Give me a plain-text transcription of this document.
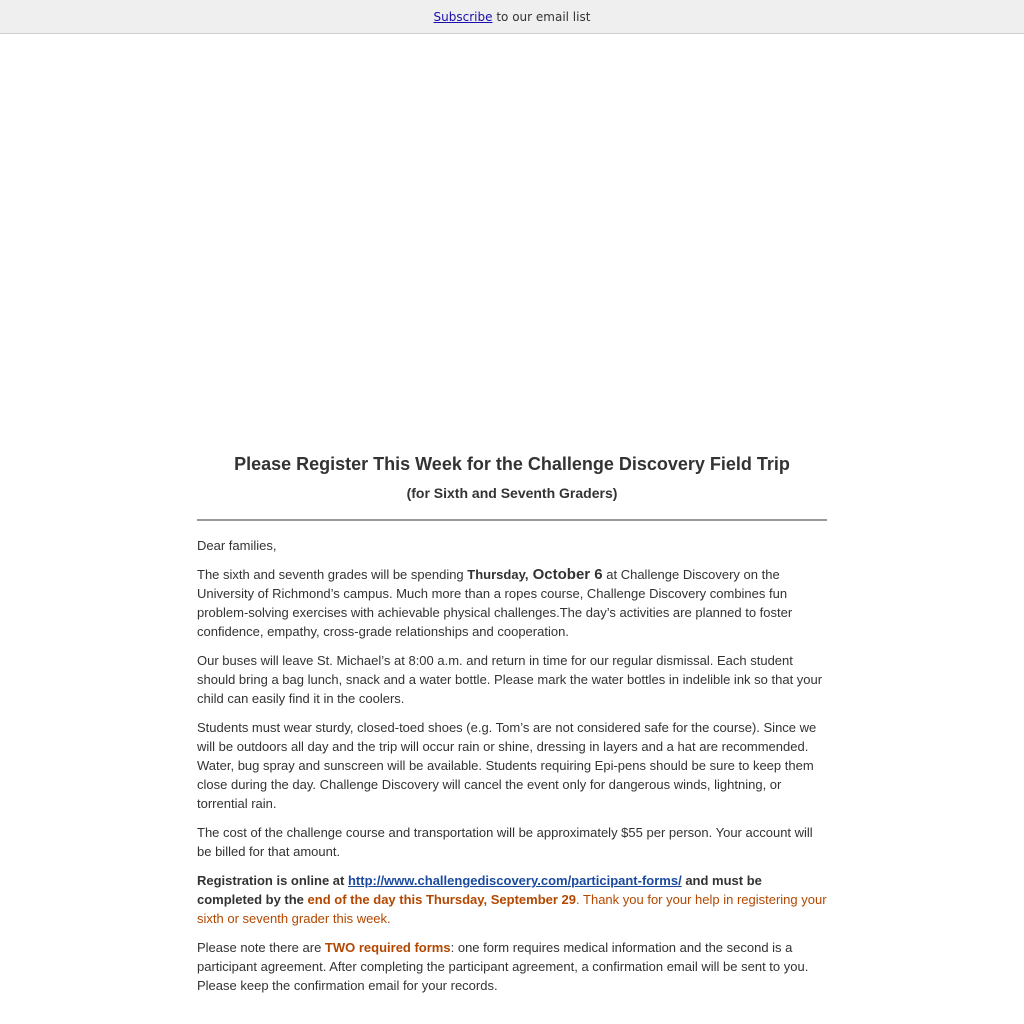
Subscribe to our email list
Please Register This Week for the Challenge Discovery Field Trip
(for Sixth and Seventh Graders)

Dear families,

The sixth and seventh grades will be spending Thursday, October 6 at Challenge Discovery on the University of Richmond’s campus. Much more than a ropes course, Challenge Discovery combines fun problem-solving exercises with achievable physical challenges.The day’s activities are planned to foster confidence, empathy, cross-grade relationships and cooperation.

Our buses will leave St. Michael’s at 8:00 a.m. and return in time for our regular dismissal. Each student should bring a bag lunch, snack and a water bottle. Please mark the water bottles in indelible ink so that your child can easily find it in the coolers.

Students must wear sturdy, closed-toed shoes (e.g. Tom’s are not considered safe for the course). Since we will be outdoors all day and the trip will occur rain or shine, dressing in layers and a hat are recommended. Water, bug spray and sunscreen will be available. Students requiring Epi-pens should be sure to keep them close during the day. Challenge Discovery will cancel the event only for dangerous winds, lightning, or torrential rain.

The cost of the challenge course and transportation will be approximately $55 per person. Your account will be billed for that amount.

Registration is online at http://www.challengediscovery.com/participant-forms/ and must be completed by the end of the day this Thursday, September 29. Thank you for your help in registering your sixth or seventh grader this week.

Please note there are TWO required forms: one form requires medical information and the second is a participant agreement. After completing the participant agreement, a confirmation email will be sent to you. Please keep the confirmation email for your records.
